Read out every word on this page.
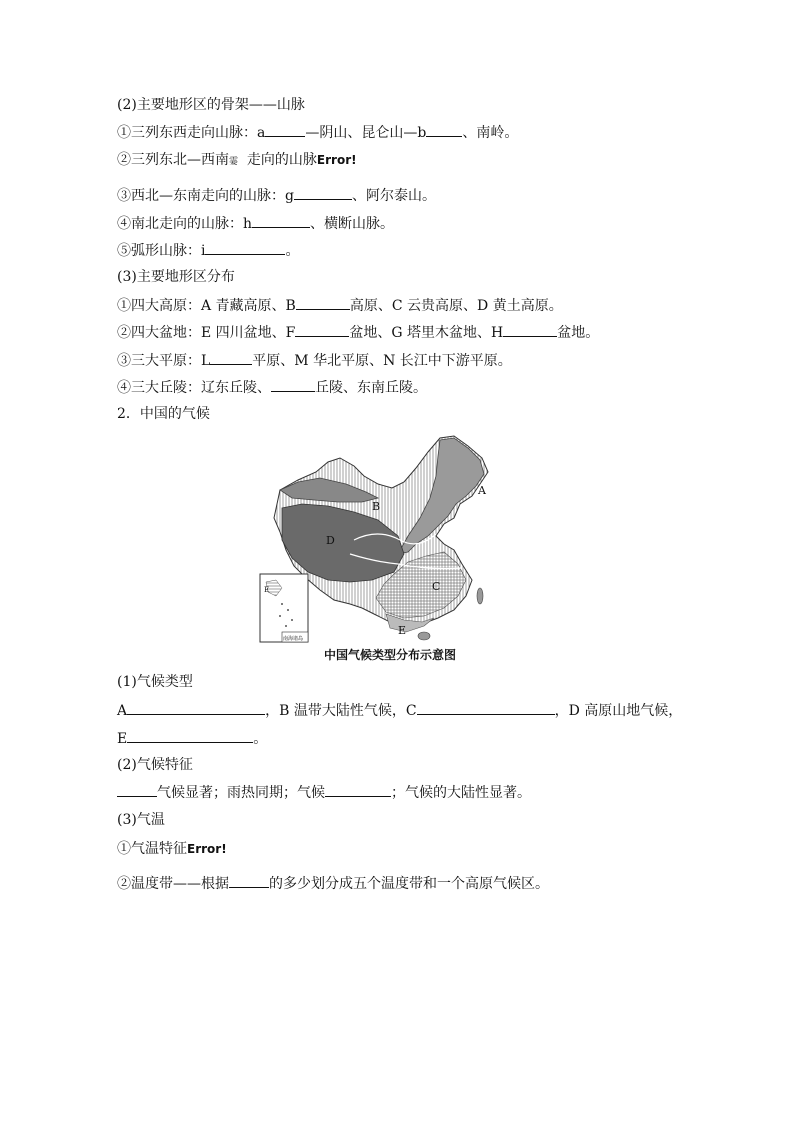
(2)主要地形区的骨架——山脉
①三列东西走向山脉：a	—阴山、昆仑山—b	、南岭。
②三列东北—西南霎 走向的山脉Error!
③西北—东南走向的山脉：g	、阿尔泰山。
④南北走向的山脉：h	、横断山脉。
⑤弧形山脉：i	。
(3)主要地形区分布
①四大高原：A 青藏高原、B	高原、C 云贵高原、D 黄土高原。
②四大盆地：E 四川盆地、F	盆地、G 塔里木盆地、H	盆地。
③三大平原：L	平原、M 华北平原、N 长江中下游平原。
④三大丘陵：辽东丘陵、	丘陵、东南丘陵。
2．中国的气候
A
B
C
D
E
E
南海诸岛
中国气候类型分布示意图
(1)气候类型
A	，B 温带大陆性气候，C	，D 高原山地气候，
E	。
(2)气候特征
气候显著；雨热同期；气候	；气候的大陆性显著。
(3)气温
①气温特征Error!
②温度带——根据	的多少划分成五个温度带和一个高原气候区。
